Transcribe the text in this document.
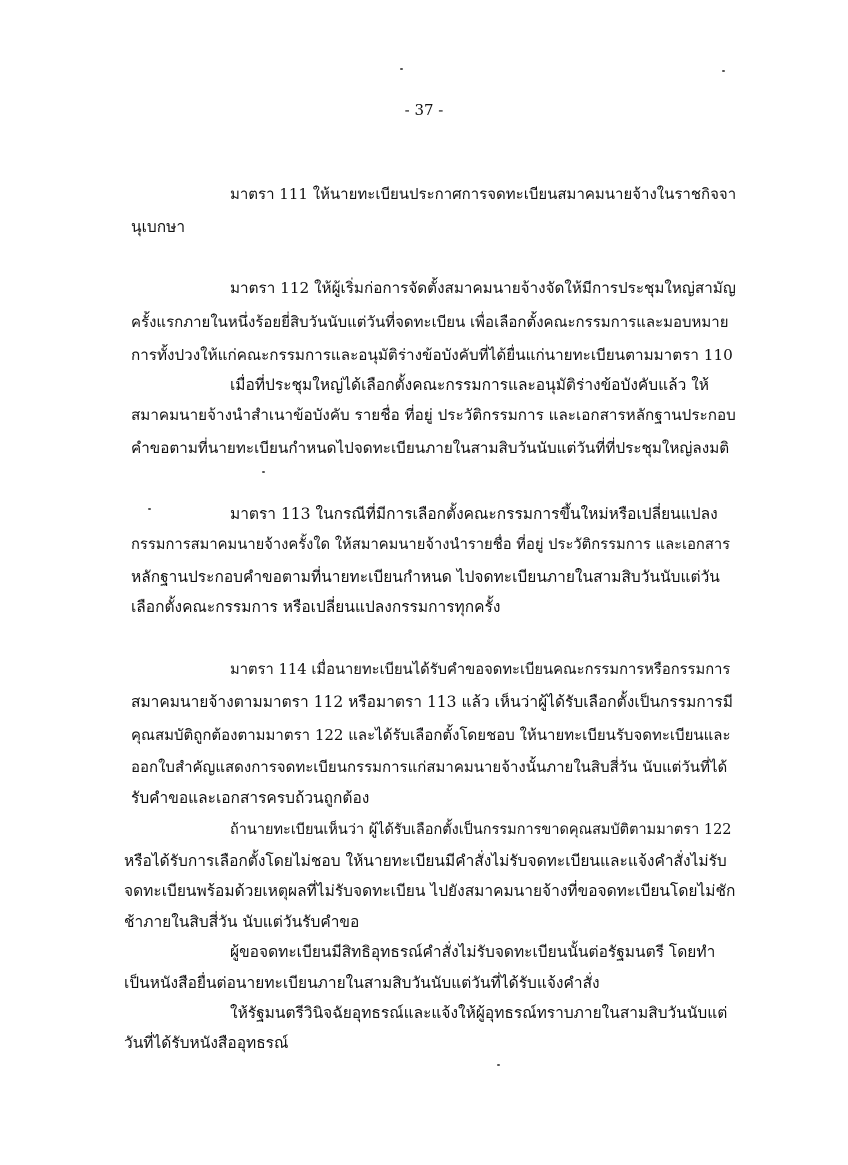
- 37 -
มาตรา 111 ให้นายทะเบียนประกาศการจดทะเบียนสมาคมนายจ้างในราชกิจจา
นุเบกษา
มาตรา 112 ให้ผู้เริ่มก่อการจัดตั้งสมาคมนายจ้างจัดให้มีการประชุมใหญ่สามัญ
ครั้งแรกภายในหนึ่งร้อยยี่สิบวันนับแต่วันที่จดทะเบียน เพื่อเลือกตั้งคณะกรรมการและมอบหมาย
การทั้งปวงให้แก่คณะกรรมการและอนุมัติร่างข้อบังคับที่ได้ยื่นแก่นายทะเบียนตามมาตรา 110
เมื่อที่ประชุมใหญ่ได้เลือกตั้งคณะกรรมการและอนุมัติร่างข้อบังคับแล้ว ให้
สมาคมนายจ้างนำสำเนาข้อบังคับ รายชื่อ ที่อยู่ ประวัติกรรมการ และเอกสารหลักฐานประกอบ
คำขอตามที่นายทะเบียนกำหนดไปจดทะเบียนภายในสามสิบวันนับแต่วันที่ที่ประชุมใหญ่ลงมติ
มาตรา 113 ในกรณีที่มีการเลือกตั้งคณะกรรมการขึ้นใหม่หรือเปลี่ยนแปลง
กรรมการสมาคมนายจ้างครั้งใด ให้สมาคมนายจ้างนำรายชื่อ ที่อยู่ ประวัติกรรมการ และเอกสาร
หลักฐานประกอบคำขอตามที่นายทะเบียนกำหนด ไปจดทะเบียนภายในสามสิบวันนับแต่วัน
เลือกตั้งคณะกรรมการ หรือเปลี่ยนแปลงกรรมการทุกครั้ง
มาตรา 114 เมื่อนายทะเบียนได้รับคำขอจดทะเบียนคณะกรรมการหรือกรรมการ
สมาคมนายจ้างตามมาตรา 112 หรือมาตรา 113 แล้ว เห็นว่าผู้ได้รับเลือกตั้งเป็นกรรมการมี
คุณสมบัติถูกต้องตามมาตรา 122 และได้รับเลือกตั้งโดยชอบ ให้นายทะเบียนรับจดทะเบียนและ
ออกใบสำคัญแสดงการจดทะเบียนกรรมการแก่สมาคมนายจ้างนั้นภายในสิบสี่วัน นับแต่วันที่ได้
รับคำขอและเอกสารครบถ้วนถูกต้อง
ถ้านายทะเบียนเห็นว่า ผู้ได้รับเลือกตั้งเป็นกรรมการขาดคุณสมบัติตามมาตรา 122
หรือได้รับการเลือกตั้งโดยไม่ชอบ ให้นายทะเบียนมีคำสั่งไม่รับจดทะเบียนและแจ้งคำสั่งไม่รับ
จดทะเบียนพร้อมด้วยเหตุผลที่ไม่รับจดทะเบียน ไปยังสมาคมนายจ้างที่ขอจดทะเบียนโดยไม่ชัก
ช้าภายในสิบสี่วัน นับแต่วันรับคำขอ
ผู้ขอจดทะเบียนมีสิทธิอุทธรณ์คำสั่งไม่รับจดทะเบียนนั้นต่อรัฐมนตรี โดยทำ
เป็นหนังสือยื่นต่อนายทะเบียนภายในสามสิบวันนับแต่วันที่ได้รับแจ้งคำสั่ง
ให้รัฐมนตรีวินิจฉัยอุทธรณ์และแจ้งให้ผู้อุทธรณ์ทราบภายในสามสิบวันนับแต่
วันที่ได้รับหนังสืออุทธรณ์
